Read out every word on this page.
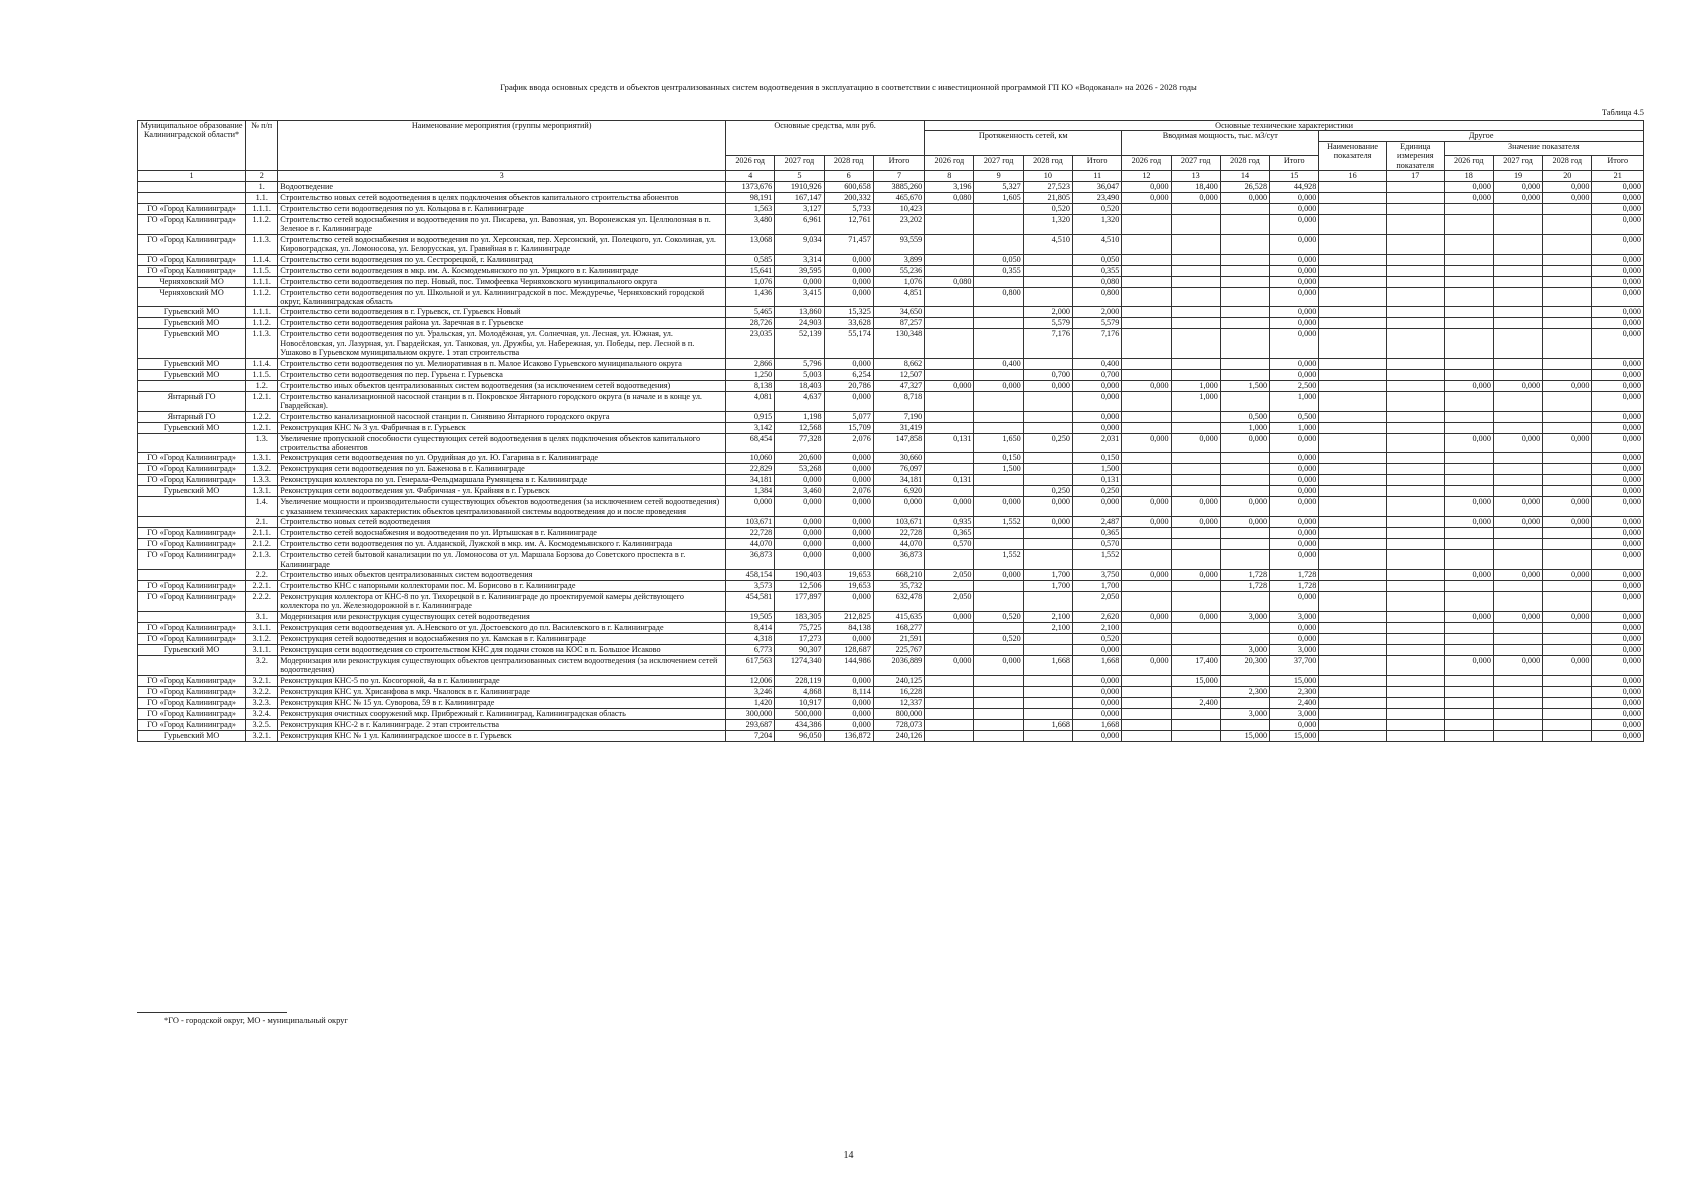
График ввода основных средств и объектов централизованных систем водоотведения в эксплуатацию в соответствии с инвестиционной программой ГП КО «Водоканал» на 2026 - 2028 годы
Таблица 4.5
Муниципальное образование Калининградской области*	№ п/п	Наименование мероприятия (группы мероприятий)	Основные средства, млн руб.				Основные технические характеристики													
							Протяженность сетей, км				Вводимая мощность, тыс. м3/сут				Другое					
															Наименование показателя	Единица измерения показателя	Значение показателя			
			2026 год	2027 год	2028 год	Итого	2026 год	2027 год	2028 год	Итого	2026 год	2027 год	2028 год	Итого			2026 год	2027 год	2028 год	Итого
1	2	3	4	5	6	7	8	9	10	11	12	13	14	15	16	17	18	19	20	21
	1.	Водоотведение	1373,676	1910,926	600,658	3885,260	3,196	5,327	27,523	36,047	0,000	18,400	26,528	44,928			0,000	0,000	0,000	0,000
	1.1.	Строительство новых сетей водоотведения в целях подключения объектов капитального строительства абонентов	98,191	167,147	200,332	465,670	0,080	1,605	21,805	23,490	0,000	0,000	0,000	0,000			0,000	0,000	0,000	0,000
ГО «Город Калининград»	1.1.1.	Строительство сети водоотведения по ул. Кольцова в г. Калининграде	1,563	3,127	5,733	10,423			0,520	0,520				0,000						0,000
ГО «Город Калининград»	1.1.2.	Строительство сетей водоснабжения и водоотведения по ул. Писарева, ул. Вавозная, ул. Воронежская ул. Целлюлозная в п. Зеленое в г. Калининграде	3,480	6,961	12,761	23,202			1,320	1,320				0,000						0,000
ГО «Город Калининград»	1.1.3.	Строительство сетей водоснабжения и водоотведения по ул. Херсонская, пер. Херсонский, ул. Полецкого, ул. Соколиная, ул. Кировоградская, ул. Ломоносова, ул. Белорусская, ул. Гравийная в г. Калининграде	13,068	9,034	71,457	93,559			4,510	4,510				0,000						0,000
ГО «Город Калининград»	1.1.4.	Строительство сети водоотведения по ул. Сестрорецкой, г. Калининград	0,585	3,314	0,000	3,899		0,050		0,050				0,000						0,000
ГО «Город Калининград»	1.1.5.	Строительство сети водоотведения в мкр. им. А. Космодемьянского по ул. Урицкого в г. Калининграде	15,641	39,595	0,000	55,236		0,355		0,355				0,000						0,000
Черняховский МО	1.1.1.	Строительство сети водоотведения по пер. Новый, пос. Тимофеевка Черняховского муниципального округа	1,076	0,000	0,000	1,076	0,080			0,080				0,000						0,000
Черняховский МО	1.1.2.	Строительство сети водоотведения по ул. Школьной и ул. Калининградской в пос. Междуречье, Черняховский городской округ, Калининградская область	1,436	3,415	0,000	4,851		0,800		0,800				0,000						0,000
Гурьевский МО	1.1.1.	Строительство сети водоотведения в г. Гурьевск, ст. Гурьевск Новый	5,465	13,860	15,325	34,650			2,000	2,000				0,000						0,000
Гурьевский МО	1.1.2.	Строительство сети водоотведения района ул. Заречная в г. Гурьевске	28,726	24,903	33,628	87,257			5,579	5,579				0,000						0,000
Гурьевский МО	1.1.3.	Строительство сети водоотведения по ул. Уральская, ул. Молодёжная, ул. Солнечная, ул. Лесная, ул. Южная, ул. Новосёловская, ул. Лазурная, ул. Гвардейская, ул. Танковая, ул. Дружбы, ул. Набережная, ул. Победы, пер. Лесной в п. Ушаково в Гурьевском муниципальном округе. 1 этап строительства	23,035	52,139	55,174	130,348			7,176	7,176				0,000						0,000
Гурьевский МО	1.1.4.	Строительство сети водоотведения по ул. Мелиоративная в п. Малое Исаково Гурьевского муниципального округа	2,866	5,796	0,000	8,662		0,400		0,400				0,000						0,000
Гурьевский МО	1.1.5.	Строительство сети водоотведения по пер. Гурьена г. Гурьевска	1,250	5,003	6,254	12,507			0,700	0,700				0,000						0,000
	1.2.	Строительство иных объектов централизованных систем водоотведения (за исключением сетей водоотведения)	8,138	18,403	20,786	47,327	0,000	0,000	0,000	0,000	0,000	1,000	1,500	2,500			0,000	0,000	0,000	0,000
Янтарный ГО	1.2.1.	Строительство канализационной насосной станции в п. Покровское Янтарного городского округа (в начале и в конце ул. Гвардейская).	4,081	4,637	0,000	8,718				0,000		1,000		1,000						0,000
Янтарный ГО	1.2.2.	Строительство канализационной насосной станции п. Синявино Янтарного городского округа	0,915	1,198	5,077	7,190				0,000			0,500	0,500						0,000
Гурьевский МО	1.2.1.	Реконструкция КНС № 3 ул. Фабричная в г. Гурьевск	3,142	12,568	15,709	31,419				0,000			1,000	1,000						0,000
	1.3.	Увеличение пропускной способности существующих сетей водоотведения в целях подключения объектов капитального строительства абонентов	68,454	77,328	2,076	147,858	0,131	1,650	0,250	2,031	0,000	0,000	0,000	0,000			0,000	0,000	0,000	0,000
ГО «Город Калининград»	1.3.1.	Реконструкция сети водоотведения по ул. Орудийная до ул. Ю. Гагарина в г. Калининграде	10,060	20,600	0,000	30,660		0,150		0,150				0,000						0,000
ГО «Город Калининград»	1.3.2.	Реконструкция сети водоотведения по ул. Баженова в г. Калининграде	22,829	53,268	0,000	76,097		1,500		1,500				0,000						0,000
ГО «Город Калининград»	1.3.3.	Реконструкция коллектора по ул. Генерала-Фельдмаршала Румянцева в г. Калининграде	34,181	0,000	0,000	34,181	0,131			0,131				0,000						0,000
Гурьевский МО	1.3.1.	Реконструкция сети водоотведения ул. Фабричная - ул. Крайняя в г. Гурьевск	1,384	3,460	2,076	6,920			0,250	0,250				0,000						0,000
	1.4.	Увеличение мощности и производительности существующих объектов водоотведения (за исключением сетей водоотведения) с указанием технических характеристик объектов централизованной системы водоотведения до и после проведения	0,000	0,000	0,000	0,000	0,000	0,000	0,000	0,000	0,000	0,000	0,000	0,000			0,000	0,000	0,000	0,000
	2.1.	Строительство новых сетей водоотведения	103,671	0,000	0,000	103,671	0,935	1,552	0,000	2,487	0,000	0,000	0,000	0,000			0,000	0,000	0,000	0,000
ГО «Город Калининград»	2.1.1.	Строительство сетей водоснабжения и водоотведения по ул. Иртышская в г. Калининграде	22,728	0,000	0,000	22,728	0,365			0,365				0,000						0,000
ГО «Город Калининград»	2.1.2.	Строительство сети водоотведения по ул. Алданской, Лужской в мкр. им. А. Космодемьянского г. Калининграда	44,070	0,000	0,000	44,070	0,570			0,570				0,000						0,000
ГО «Город Калининград»	2.1.3.	Строительство сетей бытовой канализации по ул. Ломоносова от ул. Маршала Борзова до Советского проспекта в г. Калининграде	36,873	0,000	0,000	36,873		1,552		1,552				0,000						0,000
	2.2.	Строительство иных объектов централизованных систем водоотведения	458,154	190,403	19,653	668,210	2,050	0,000	1,700	3,750	0,000	0,000	1,728	1,728			0,000	0,000	0,000	0,000
ГО «Город Калининград»	2.2.1.	Строительство КНС с напорными коллекторами пос. М. Борисово в г. Калининграде	3,573	12,506	19,653	35,732			1,700	1,700			1,728	1,728						0,000
ГО «Город Калининград»	2.2.2.	Реконструкция коллектора от КНС-8 по ул. Тихорецкой в г. Калининграде до проектируемой камеры действующего коллектора по ул. Железнодорожной в г. Калининграде	454,581	177,897	0,000	632,478	2,050			2,050				0,000						0,000
	3.1.	Модернизация или реконструкция существующих сетей водоотведения	19,505	183,305	212,825	415,635	0,000	0,520	2,100	2,620	0,000	0,000	3,000	3,000			0,000	0,000	0,000	0,000
ГО «Город Калининград»	3.1.1.	Реконструкция сети водоотведения ул. А.Невского от ул. Достоевского до пл. Василевского в г. Калининграде	8,414	75,725	84,138	168,277			2,100	2,100				0,000						0,000
ГО «Город Калининград»	3.1.2.	Реконструкция сетей водоотведения и водоснабжения по ул. Камская в г. Калининграде	4,318	17,273	0,000	21,591		0,520		0,520				0,000						0,000
Гурьевский МО	3.1.1.	Реконструкция сети водоотведения со строительством КНС для подачи стоков на КОС в п. Большое Исаково	6,773	90,307	128,687	225,767				0,000			3,000	3,000						0,000
	3.2.	Модернизация или реконструкция существующих объектов централизованных систем водоотведения (за исключением сетей водоотведения)	617,563	1274,340	144,986	2036,889	0,000	0,000	1,668	1,668	0,000	17,400	20,300	37,700			0,000	0,000	0,000	0,000
ГО «Город Калининград»	3.2.1.	Реконструкция КНС-5 по ул. Косогорной, 4а в г. Калининграде	12,006	228,119	0,000	240,125				0,000		15,000		15,000						0,000
ГО «Город Калининград»	3.2.2.	Реконструкция КНС ул. Хрисанфова в мкр. Чкаловск в г. Калининграде	3,246	4,868	8,114	16,228				0,000			2,300	2,300						0,000
ГО «Город Калининград»	3.2.3.	Реконструкция КНС № 15 ул. Суворова, 59 в г. Калининграде	1,420	10,917	0,000	12,337				0,000		2,400		2,400						0,000
ГО «Город Калининград»	3.2.4.	Реконструкция очистных сооружений мкр. Прибрежный г. Калининград, Калининградская область	300,000	500,000	0,000	800,000				0,000			3,000	3,000						0,000
ГО «Город Калининград»	3.2.5.	Реконструкция КНС-2 в г. Калининграде. 2 этап строительства	293,687	434,386	0,000	728,073			1,668	1,668				0,000						0,000
Гурьевский МО	3.2.1.	Реконструкция КНС № 1 ул. Калининградское шоссе в г. Гурьевск	7,204	96,050	136,872	240,126				0,000			15,000	15,000						0,000
*ГО - городской округ, МО - муниципальный округ
14
